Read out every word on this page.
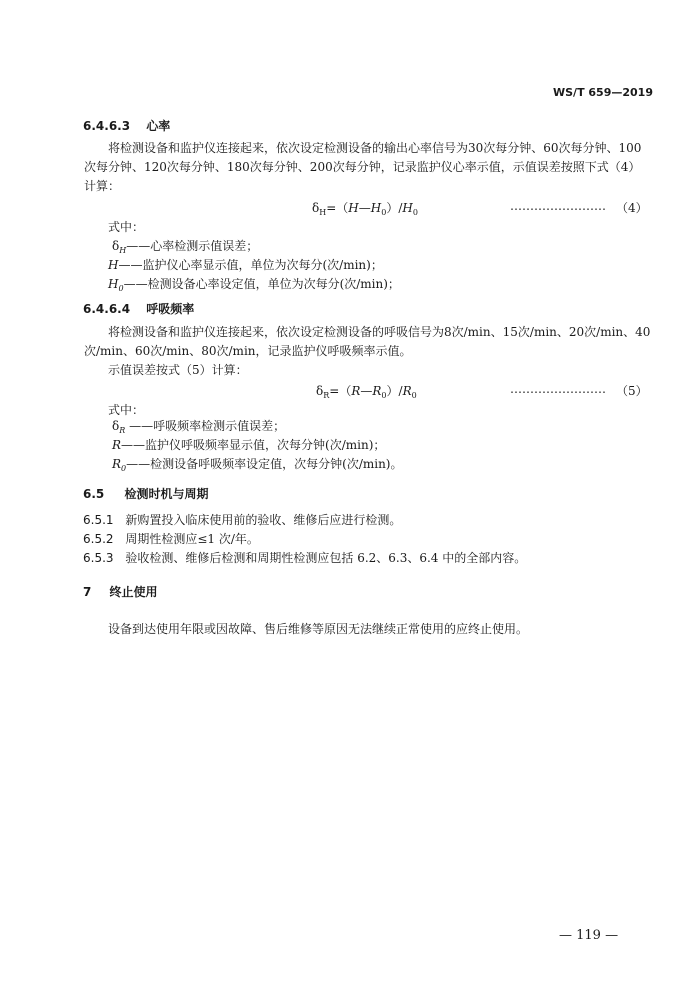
WS/T 659—2019
6.4.6.3 心率
将检测设备和监护仪连接起来，依次设定检测设备的输出心率信号为30次每分钟、60次每分钟、100
次每分钟、120次每分钟、180次每分钟、200次每分钟，记录监护仪心率示值，示值误差按照下式（4）
计算：
$\delta_H=(H—H_0)/H_0$	…………………… （4）
式中：
$\delta_H——$心率检测示值误差；
H——监护仪心率显示值，单位为次每分(次/min)；
$H_0——$检测设备心率设定值，单位为次每分(次/min)；
6.4.6.4 呼吸频率
将检测设备和监护仪连接起来，依次设定检测设备的呼吸信号为8次/min、15次/min、20次/min、40
次/min、60次/min、80次/min，记录监护仪呼吸频率示值。
示值误差按式（5）计算：
$\delta_R=(R—R_0)/R_0$	…………………… （5）
式中：
$\delta_R$ ——呼吸频率检测示值误差；
R——监护仪呼吸频率显示值，次每分钟(次/min)；
$R_0——$检测设备呼吸频率设定值，次每分钟(次/min)。
6.5 检测时机与周期
6.5.1 新购置投入临床使用前的验收、维修后应进行检测。
6.5.2 周期性检测应≤1 次/年。
6.5.3 验收检测、维修后检测和周期性检测应包括 6.2、6.3、6.4 中的全部内容。
7 终止使用
设备到达使用年限或因故障、售后维修等原因无法继续正常使用的应终止使用。
— 119 —
